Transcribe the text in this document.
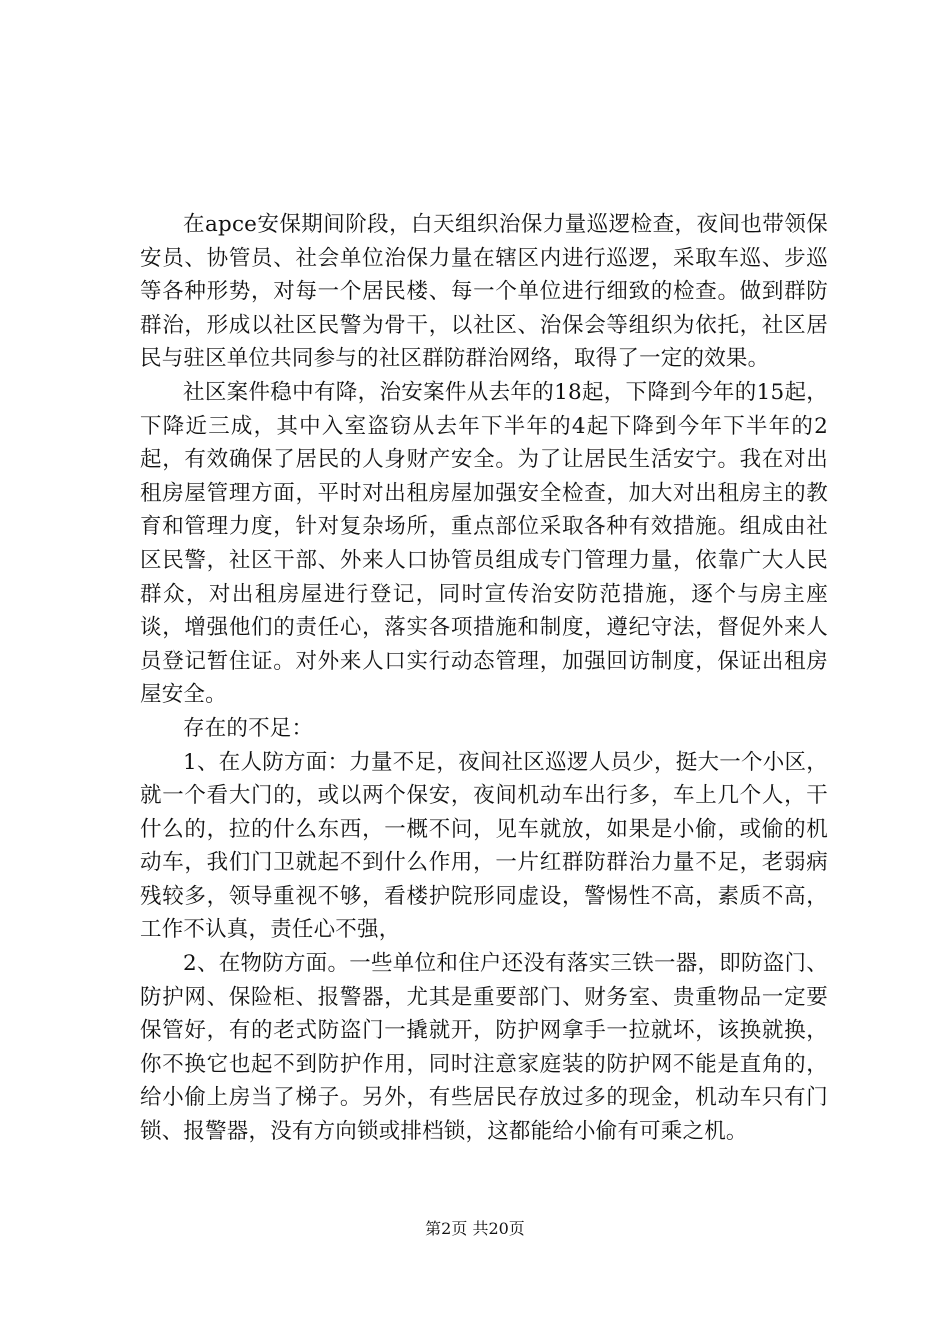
在apce安保期间阶段，白天组织治保力量巡逻检查，夜间也带领保安员、协管员、社会单位治保力量在辖区内进行巡逻，采取车巡、步巡等各种形势，对每一个居民楼、每一个单位进行细致的检查。做到群防群治，形成以社区民警为骨干，以社区、治保会等组织为依托，社区居民与驻区单位共同参与的社区群防群治网络，取得了一定的效果。

社区案件稳中有降，治安案件从去年的18起，下降到今年的15起，下降近三成，其中入室盗窃从去年下半年的4起下降到今年下半年的2起，有效确保了居民的人身财产安全。为了让居民生活安宁。我在对出租房屋管理方面，平时对出租房屋加强安全检查，加大对出租房主的教育和管理力度，针对复杂场所，重点部位采取各种有效措施。组成由社区民警，社区干部、外来人口协管员组成专门管理力量，依靠广大人民群众，对出租房屋进行登记，同时宣传治安防范措施，逐个与房主座谈，增强他们的责任心，落实各项措施和制度，遵纪守法，督促外来人员登记暂住证。对外来人口实行动态管理，加强回访制度，保证出租房屋安全。

存在的不足：

1、在人防方面：力量不足，夜间社区巡逻人员少，挺大一个小区，就一个看大门的，或以两个保安，夜间机动车出行多，车上几个人，干什么的，拉的什么东西，一概不问，见车就放，如果是小偷，或偷的机动车，我们门卫就起不到什么作用，一片红群防群治力量不足，老弱病残较多，领导重视不够，看楼护院形同虚设，警惕性不高，素质不高，工作不认真，责任心不强，

2、在物防方面。一些单位和住户还没有落实三铁一器，即防盗门、防护网、保险柜、报警器，尤其是重要部门、财务室、贵重物品一定要保管好，有的老式防盗门一撬就开，防护网拿手一拉就坏，该换就换，你不换它也起不到防护作用，同时注意家庭装的防护网不能是直角的，给小偷上房当了梯子。另外，有些居民存放过多的现金，机动车只有门锁、报警器，没有方向锁或排档锁，这都能给小偷有可乘之机。

第2页 共20页
